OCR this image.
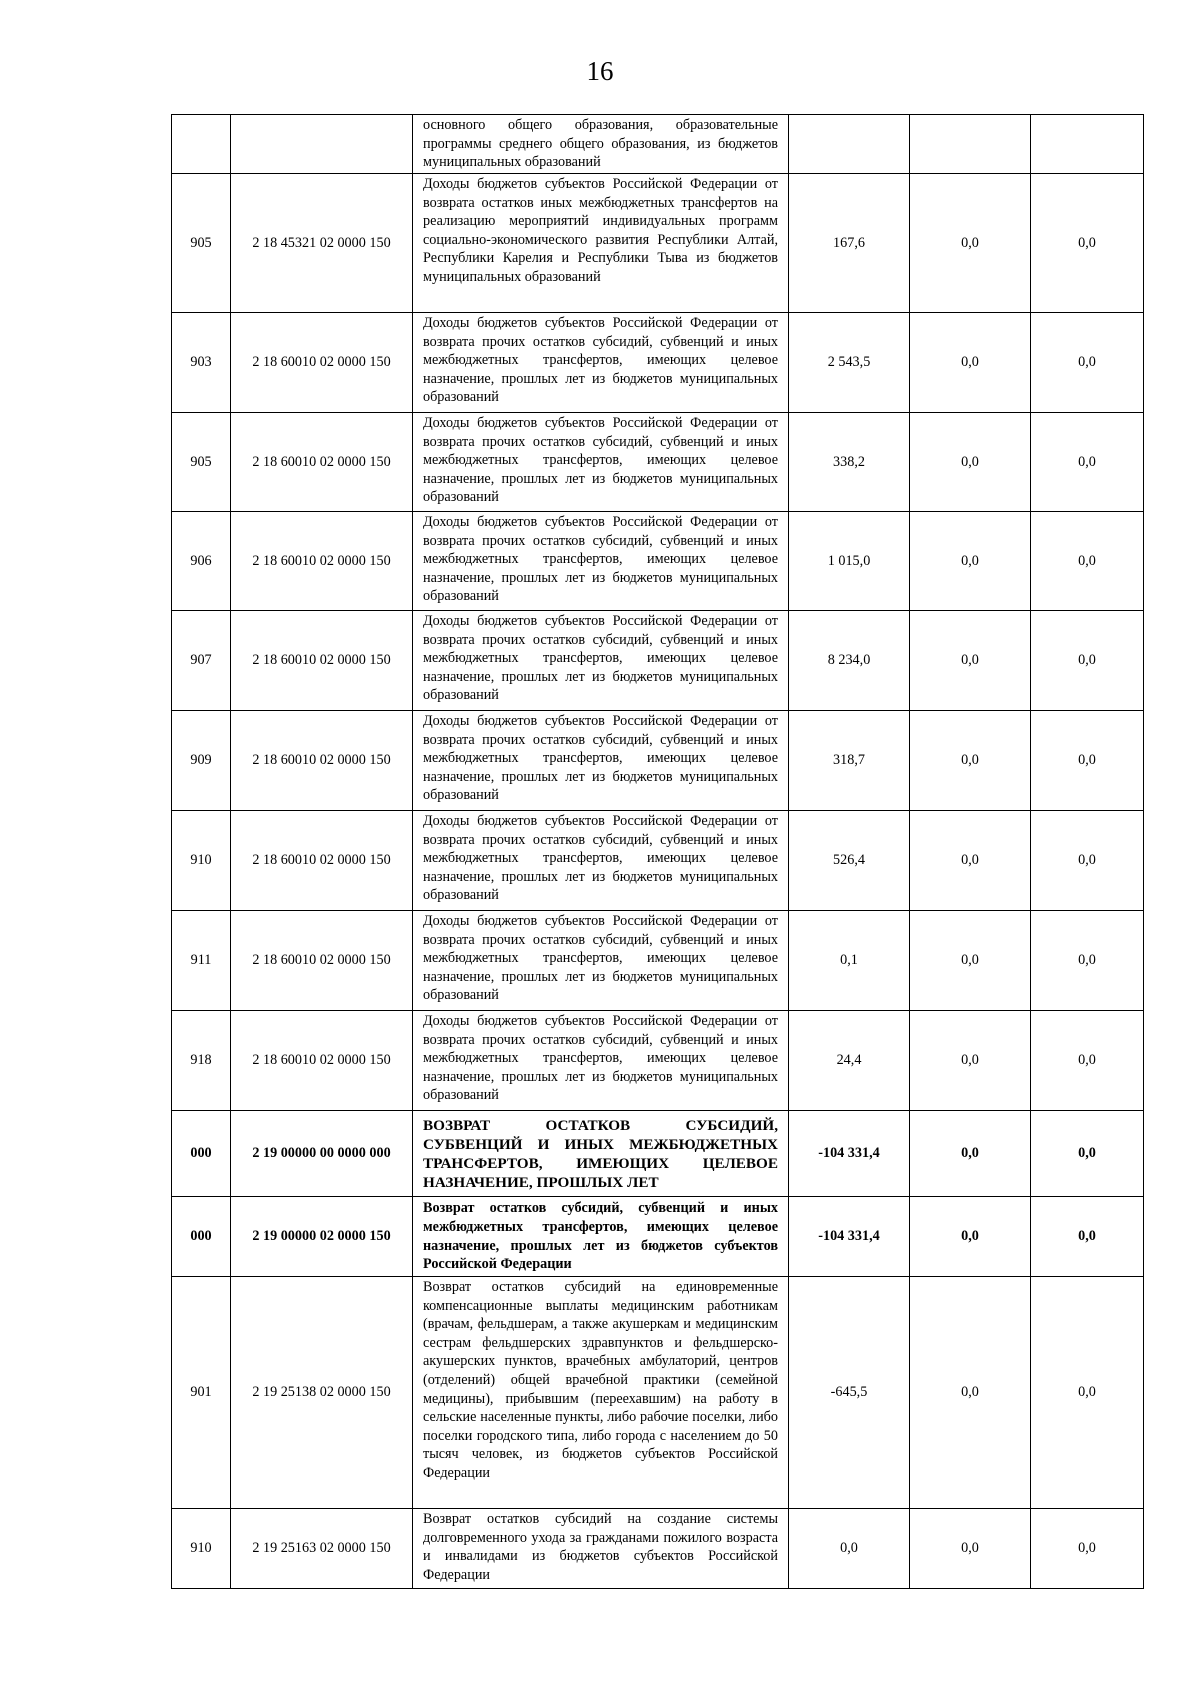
16
		основного общего образования, образовательные программы среднего общего образования, из бюджетов муниципальных образований			
905	2 18 45321 02 0000 150	Доходы бюджетов субъектов Российской Федерации от возврата остатков иных межбюджетных трансфертов на реализацию мероприятий индивидуальных программ социально-экономического развития Республики Алтай, Республики Карелия и Республики Тыва из бюджетов муниципальных образований	167,6	0,0	0,0
903	2 18 60010 02 0000 150	Доходы бюджетов субъектов Российской Федерации от возврата прочих остатков субсидий, субвенций и иных межбюджетных трансфертов, имеющих целевое назначение, прошлых лет из бюджетов муниципальных образований	2 543,5	0,0	0,0
905	2 18 60010 02 0000 150	Доходы бюджетов субъектов Российской Федерации от возврата прочих остатков субсидий, субвенций и иных межбюджетных трансфертов, имеющих целевое назначение, прошлых лет из бюджетов муниципальных образований	338,2	0,0	0,0
906	2 18 60010 02 0000 150	Доходы бюджетов субъектов Российской Федерации от возврата прочих остатков субсидий, субвенций и иных межбюджетных трансфертов, имеющих целевое назначение, прошлых лет из бюджетов муниципальных образований	1 015,0	0,0	0,0
907	2 18 60010 02 0000 150	Доходы бюджетов субъектов Российской Федерации от возврата прочих остатков субсидий, субвенций и иных межбюджетных трансфертов, имеющих целевое назначение, прошлых лет из бюджетов муниципальных образований	8 234,0	0,0	0,0
909	2 18 60010 02 0000 150	Доходы бюджетов субъектов Российской Федерации от возврата прочих остатков субсидий, субвенций и иных межбюджетных трансфертов, имеющих целевое назначение, прошлых лет из бюджетов муниципальных образований	318,7	0,0	0,0
910	2 18 60010 02 0000 150	Доходы бюджетов субъектов Российской Федерации от возврата прочих остатков субсидий, субвенций и иных межбюджетных трансфертов, имеющих целевое назначение, прошлых лет из бюджетов муниципальных образований	526,4	0,0	0,0
911	2 18 60010 02 0000 150	Доходы бюджетов субъектов Российской Федерации от возврата прочих остатков субсидий, субвенций и иных межбюджетных трансфертов, имеющих целевое назначение, прошлых лет из бюджетов муниципальных образований	0,1	0,0	0,0
918	2 18 60010 02 0000 150	Доходы бюджетов субъектов Российской Федерации от возврата прочих остатков субсидий, субвенций и иных межбюджетных трансфертов, имеющих целевое назначение, прошлых лет из бюджетов муниципальных образований	24,4	0,0	0,0
000	2 19 00000 00 0000 000	ВОЗВРАТ ОСТАТКОВ СУБСИДИЙ, СУБВЕНЦИЙ И ИНЫХ МЕЖБЮДЖЕТНЫХ ТРАНСФЕРТОВ, ИМЕЮЩИХ ЦЕЛЕВОЕ НАЗНАЧЕНИЕ, ПРОШЛЫХ ЛЕТ	-104 331,4	0,0	0,0
000	2 19 00000 02 0000 150	Возврат остатков субсидий, субвенций и иных межбюджетных трансфертов, имеющих целевое назначение, прошлых лет из бюджетов субъектов Российской Федерации	-104 331,4	0,0	0,0
901	2 19 25138 02 0000 150	Возврат остатков субсидий на единовременные компенсационные выплаты медицинским работникам (врачам, фельдшерам, а также акушеркам и медицинским сестрам фельдшерских здравпунктов и фельдшерско-акушерских пунктов, врачебных амбулаторий, центров (отделений) общей врачебной практики (семейной медицины), прибывшим (переехавшим) на работу в сельские населенные пункты, либо рабочие поселки, либо поселки городского типа, либо города с населением до 50 тысяч человек, из бюджетов субъектов Российской Федерации	-645,5	0,0	0,0
910	2 19 25163 02 0000 150	Возврат остатков субсидий на создание системы долговременного ухода за гражданами пожилого возраста и инвалидами из бюджетов субъектов Российской Федерации	0,0	0,0	0,0
